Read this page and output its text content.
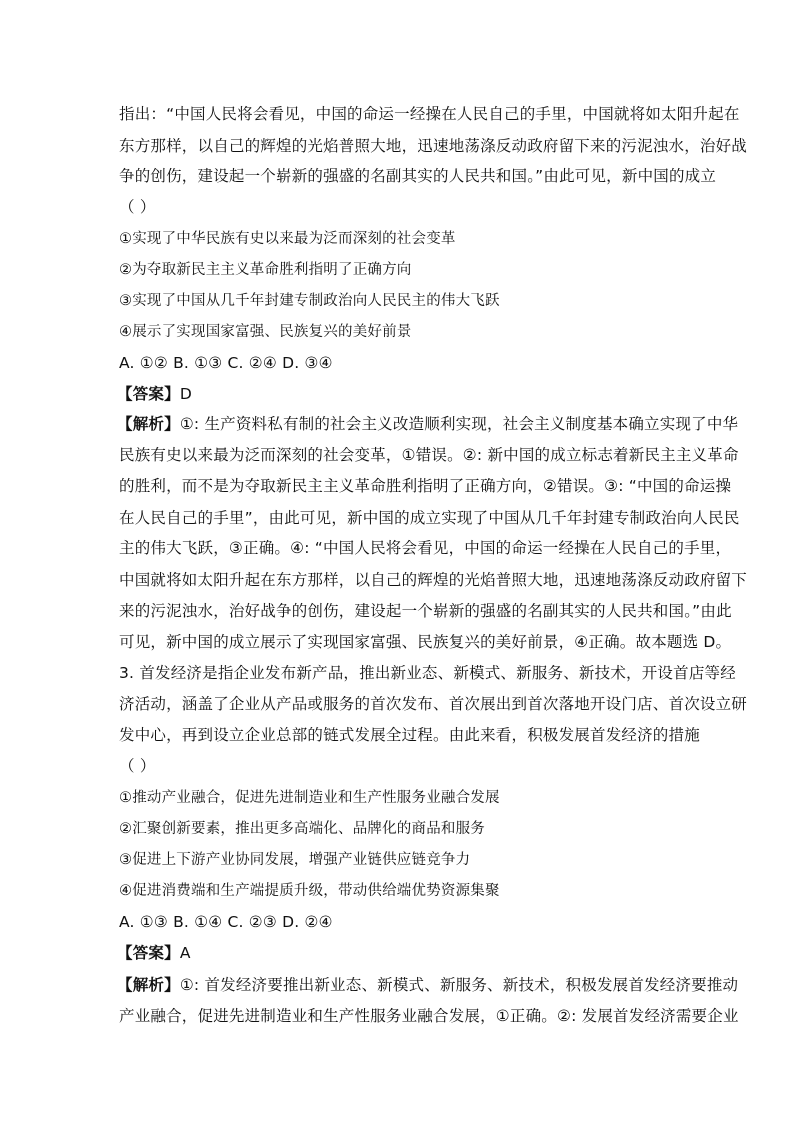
指出：“中国人民将会看见，中国的命运一经操在人民自己的手里，中国就将如太阳升起在
东方那样，以自己的辉煌的光焰普照大地，迅速地荡涤反动政府留下来的污泥浊水，治好战
争的创伤，建设起一个崭新的强盛的名副其实的人民共和国。”由此可见，新中国的成立
（ ）
①实现了中华民族有史以来最为泛而深刻的社会变革
②为夺取新民主主义革命胜利指明了正确方向
③实现了中国从几千年封建专制政治向人民民主的伟大飞跃
④展示了实现国家富强、民族复兴的美好前景
A. ①② B. ①③ C. ②④ D. ③④
【答案】D
【解析】①: 生产资料私有制的社会主义改造顺利实现，社会主义制度基本确立实现了中华
民族有史以来最为泛而深刻的社会变革，①错误。②: 新中国的成立标志着新民主主义革命
的胜利，而不是为夺取新民主主义革命胜利指明了正确方向，②错误。③: “中国的命运操
在人民自己的手里”，由此可见，新中国的成立实现了中国从几千年封建专制政治向人民民
主的伟大飞跃，③正确。④: “中国人民将会看见，中国的命运一经操在人民自己的手里，
中国就将如太阳升起在东方那样，以自己的辉煌的光焰普照大地，迅速地荡涤反动政府留下
来的污泥浊水，治好战争的创伤，建设起一个崭新的强盛的名副其实的人民共和国。”由此
可见，新中国的成立展示了实现国家富强、民族复兴的美好前景，④正确。故本题选 D。
3. 首发经济是指企业发布新产品，推出新业态、新模式、新服务、新技术，开设首店等经
济活动，涵盖了企业从产品或服务的首次发布、首次展出到首次落地开设门店、首次设立研
发中心，再到设立企业总部的链式发展全过程。由此来看，积极发展首发经济的措施
（ ）
①推动产业融合，促进先进制造业和生产性服务业融合发展
②汇聚创新要素，推出更多高端化、品牌化的商品和服务
③促进上下游产业协同发展，增强产业链供应链竞争力
④促进消费端和生产端提质升级，带动供给端优势资源集聚
A. ①③ B. ①④ C. ②③ D. ②④
【答案】A
【解析】①: 首发经济要推出新业态、新模式、新服务、新技术，积极发展首发经济要推动
产业融合，促进先进制造业和生产性服务业融合发展，①正确。②: 发展首发经济需要企业
